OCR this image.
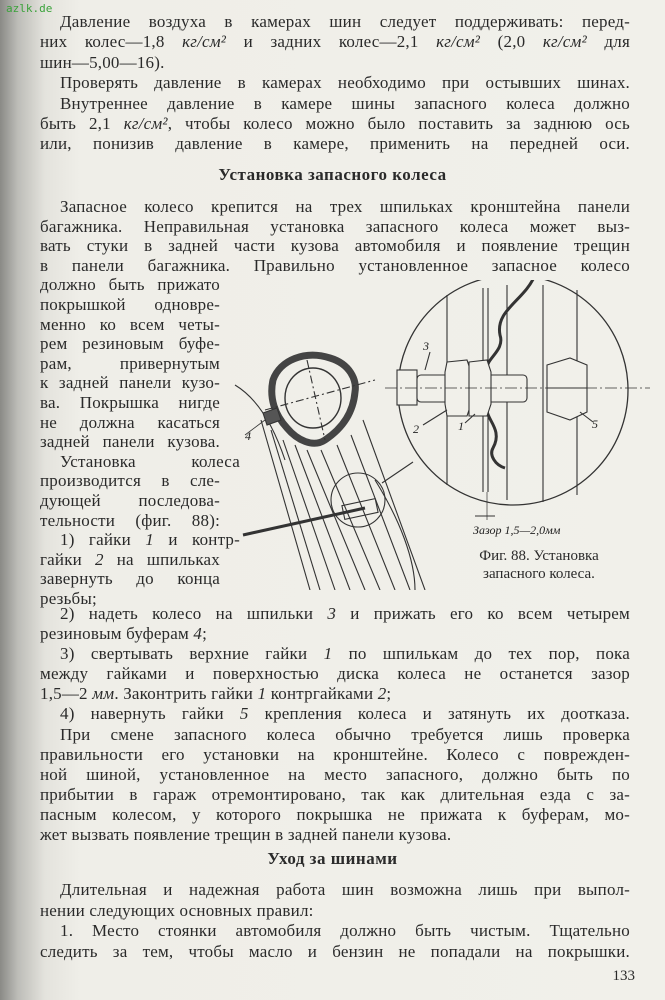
azlk.de
Давление воздуха в камерах шин следует поддерживать: перед-
них колес—1,8 кг/см² и задних колес—2,1 кг/см² (2,0 кг/см² для
шин—5,00—16).
Проверять давление в камерах необходимо при остывших шинах.
Внутреннее давление в камере шины запасного колеса должно
быть 2,1 кг/см², чтобы колесо можно было поставить за заднюю ось
или, понизив давление в камере, применить на передней оси.
Установка запасного колеса
Запасное колесо крепится на трех шпильках кронштейна панели
багажника. Неправильная установка запасного колеса может выз-
вать стуки в задней части кузова автомобиля и появление трещин
в панели багажника. Правильно установленное запасное колесо
должно быть прижато
покрышкой одновре-
менно ко всем четы-
рем резиновым буфе-
рам, привернутым
к задней панели кузо-
ва. Покрышка нигде
не должна касаться
задней панели кузова.
Установка колеса
производится в сле-
дующей последова-
тельности (фиг. 88):
1) гайки 1 и контр-
гайки 2 на шпильках
завернуть до конца
резьбы;
2) надеть колесо на шпильки 3 и прижать его ко всем четырем
резиновым буферам 4;
3) свертывать верхние гайки 1 по шпилькам до тех пор, пока
между гайками и поверхностью диска колеса не останется зазор
1,5—2 мм. Законтрить гайки 1 контргайками 2;
4) навернуть гайки 5 крепления колеса и затянуть их доотказа.
При смене запасного колеса обычно требуется лишь проверка
правильности его установки на кронштейне. Колесо с поврежден-
ной шиной, установленное на место запасного, должно быть по
прибытии в гараж отремонтировано, так как длительная езда с за-
пасным колесом, у которого покрышка не прижата к буферам, мо-
жет вызвать появление трещин в задней панели кузова.
Уход за шинами
Длительная и надежная работа шин возможна лишь при выпол-
нении следующих основных правил:
1. Место стоянки автомобиля должно быть чистым. Тщательно
следить за тем, чтобы масло и бензин не попадали на покрышки.
133
3
2	1	5
4
Зазор 1,5—2,0мм
Фиг. 88. Установка
запасного колеса.
